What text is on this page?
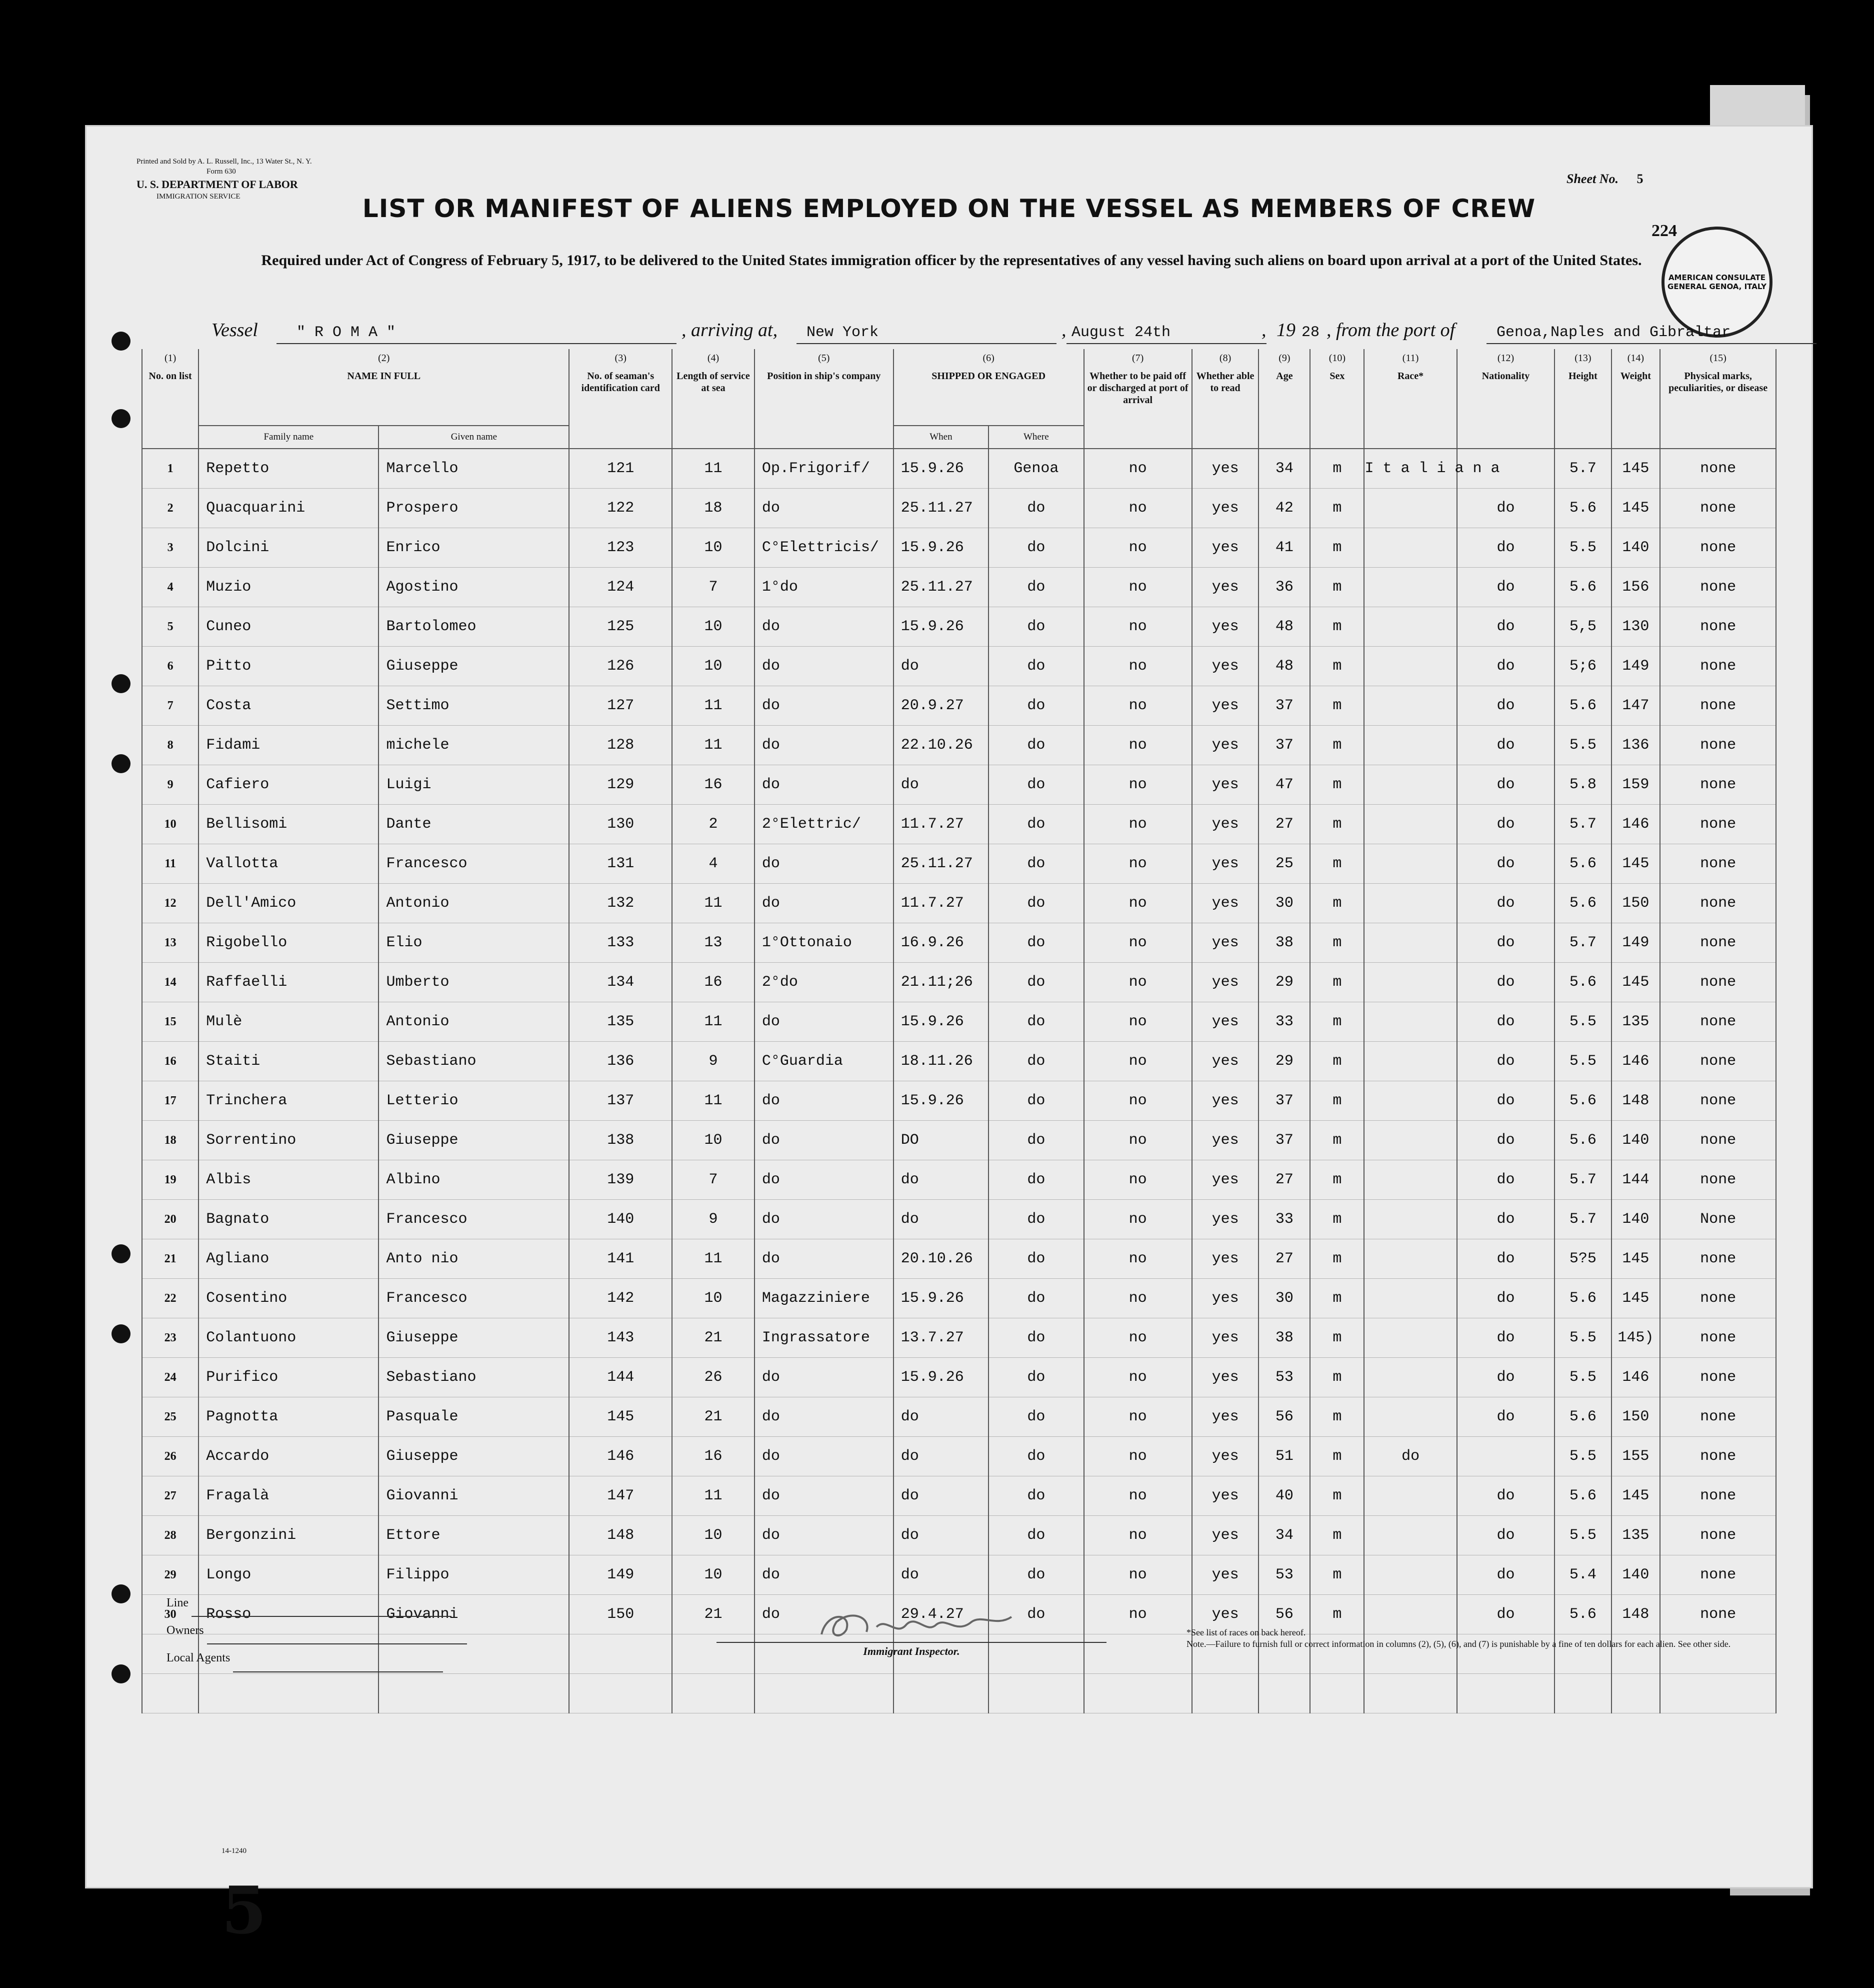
Printed and Sold by A. L. Russell, Inc., 13 Water St., N. Y.
Form 630
U. S. DEPARTMENT OF LABOR
IMMIGRATION SERVICE
Sheet No. 5
224
AMERICAN CONSULATE GENERAL GENOA, ITALY
LIST OR MANIFEST OF ALIENS EMPLOYED ON THE VESSEL AS MEMBERS OF CREW
Required under Act of Congress of February 5, 1917, to be delivered to the United States immigration officer by the representatives of any vessel having such aliens on board upon arrival at a port of the United States.
Vessel	" R O M A "	, arriving at, New York	, August 24th	, 19 28 , from the port of	Genoa,Naples and Gibraltar
(1)	(2)		(3)	(4)	(5)	(6)		(7)	(8)	(9)	(10)	(11)	(12)	(13)	(14)	(15)
No. on list	NAME IN FULL		No. of seaman's identification card	Length of service at sea	Position in ship's company	SHIPPED OR ENGAGED		Whether to be paid off or discharged at port of arrival	Whether able to read	Age	Sex	Race*	Nationality	Height	Weight	Physical marks, peculiarities, or disease
	Family name	Given name				When	Where									
1	Repetto	Marcello	121	11	Op.Frigorif/	15.9.26	Genoa	no	yes	34	m	I t a l i a n a		5.7	145	none
2	Quacquarini	Prospero	122	18	do	25.11.27	do	no	yes	42	m		do	5.6	145	none
3	Dolcini	Enrico	123	10	C°Elettricis/	15.9.26	do	no	yes	41	m		do	5.5	140	none
4	Muzio	Agostino	124	7	1°do	25.11.27	do	no	yes	36	m		do	5.6	156	none
5	Cuneo	Bartolomeo	125	10	do	15.9.26	do	no	yes	48	m		do	5,5	130	none
6	Pitto	Giuseppe	126	10	do	do	do	no	yes	48	m		do	5;6	149	none
7	Costa	Settimo	127	11	do	20.9.27	do	no	yes	37	m		do	5.6	147	none
8	Fidami	michele	128	11	do	22.10.26	do	no	yes	37	m		do	5.5	136	none
9	Cafiero	Luigi	129	16	do	do	do	no	yes	47	m		do	5.8	159	none
10	Bellisomi	Dante	130	2	2°Elettric/	11.7.27	do	no	yes	27	m		do	5.7	146	none
11	Vallotta	Francesco	131	4	do	25.11.27	do	no	yes	25	m		do	5.6	145	none
12	Dell'Amico	Antonio	132	11	do	11.7.27	do	no	yes	30	m		do	5.6	150	none
13	Rigobello	Elio	133	13	1°Ottonaio	16.9.26	do	no	yes	38	m		do	5.7	149	none
14	Raffaelli	Umberto	134	16	2°do	21.11;26	do	no	yes	29	m		do	5.6	145	none
15	Mulè	Antonio	135	11	do	15.9.26	do	no	yes	33	m		do	5.5	135	none
16	Staiti	Sebastiano	136	9	C°Guardia	18.11.26	do	no	yes	29	m		do	5.5	146	none
17	Trinchera	Letterio	137	11	do	15.9.26	do	no	yes	37	m		do	5.6	148	none
18	Sorrentino	Giuseppe	138	10	do	DO	do	no	yes	37	m		do	5.6	140	none
19	Albis	Albino	139	7	do	do	do	no	yes	27	m		do	5.7	144	none
20	Bagnato	Francesco	140	9	do	do	do	no	yes	33	m		do	5.7	140	None
21	Agliano	Anto nio	141	11	do	20.10.26	do	no	yes	27	m		do	5?5	145	none
22	Cosentino	Francesco	142	10	Magazziniere	15.9.26	do	no	yes	30	m		do	5.6	145	none
23	Colantuono	Giuseppe	143	21	Ingrassatore	13.7.27	do	no	yes	38	m		do	5.5	145)	none
24	Purifico	Sebastiano	144	26	do	15.9.26	do	no	yes	53	m		do	5.5	146	none
25	Pagnotta	Pasquale	145	21	do	do	do	no	yes	56	m		do	5.6	150	none
26	Accardo	Giuseppe	146	16	do	do	do	no	yes	51	m	do		5.5	155	none
27	Fragalà	Giovanni	147	11	do	do	do	no	yes	40	m		do	5.6	145	none
28	Bergonzini	Ettore	148	10	do	do	do	no	yes	34	m		do	5.5	135	none
29	Longo	Filippo	149	10	do	do	do	no	yes	53	m		do	5.4	140	none
30	Rosso	Giovanni	150	21	do	29.4.27	do	no	yes	56	m		do	5.6	148	none

Line
Owners
Local Agents
Immigrant Inspector.
*See list of races on back hereof.
Note.—Failure to furnish full or correct information in columns (2), (5), (6), and (7) is punishable by a fine of ten dollars for each alien. See other side.
14-1240
5
